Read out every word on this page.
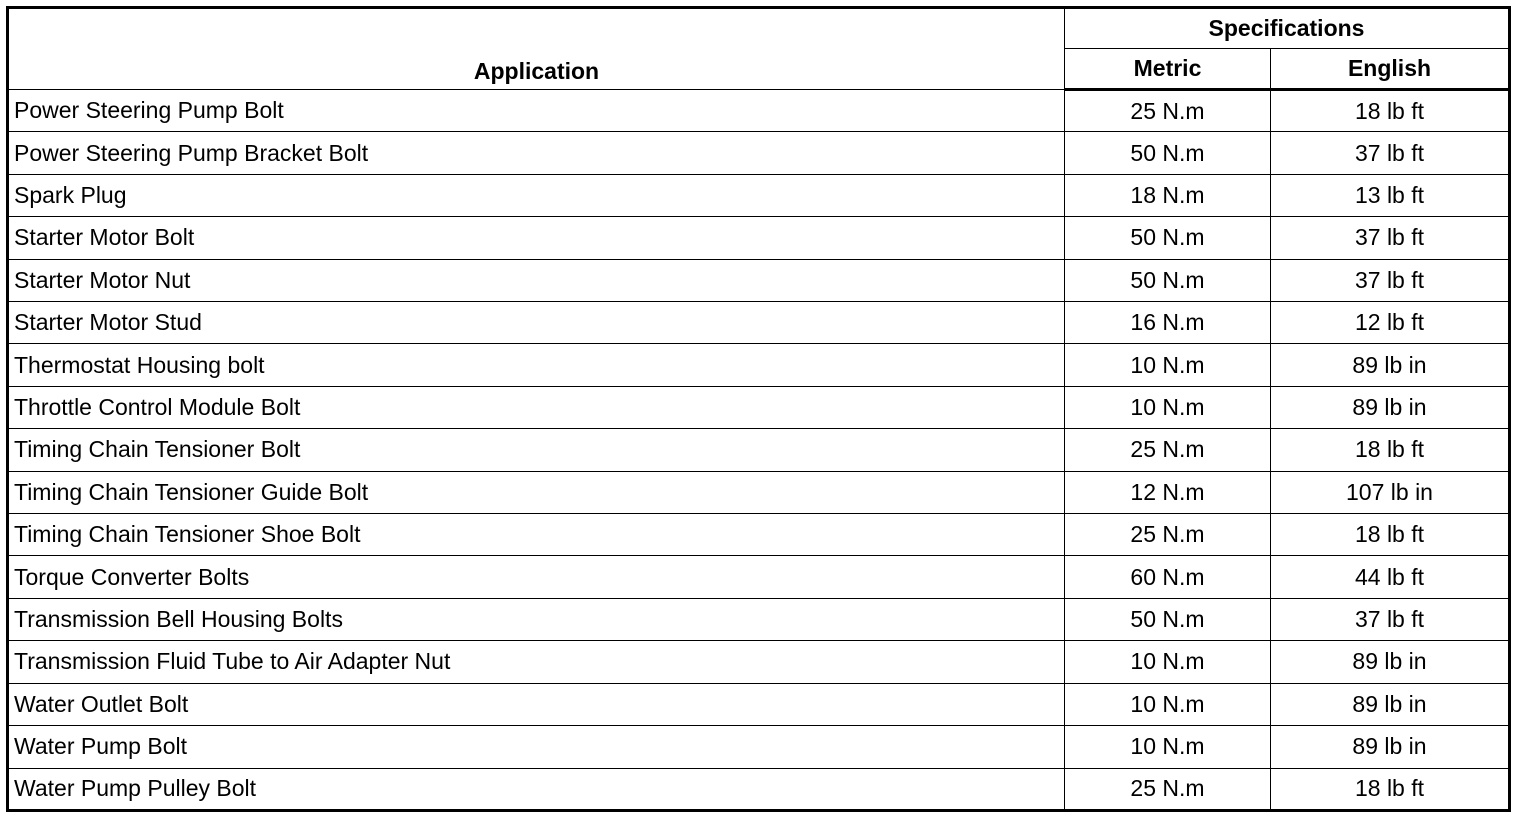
Application	Specifications	
	Metric	English
Power Steering Pump Bolt	25 N.m	18 lb ft
Power Steering Pump Bracket Bolt	50 N.m	37 lb ft
Spark Plug	18 N.m	13 lb ft
Starter Motor Bolt	50 N.m	37 lb ft
Starter Motor Nut	50 N.m	37 lb ft
Starter Motor Stud	16 N.m	12 lb ft
Thermostat Housing bolt	10 N.m	89 lb in
Throttle Control Module Bolt	10 N.m	89 lb in
Timing Chain Tensioner Bolt	25 N.m	18 lb ft
Timing Chain Tensioner Guide Bolt	12 N.m	107 lb in
Timing Chain Tensioner Shoe Bolt	25 N.m	18 lb ft
Torque Converter Bolts	60 N.m	44 lb ft
Transmission Bell Housing Bolts	50 N.m	37 lb ft
Transmission Fluid Tube to Air Adapter Nut	10 N.m	89 lb in
Water Outlet Bolt	10 N.m	89 lb in
Water Pump Bolt	10 N.m	89 lb in
Water Pump Pulley Bolt	25 N.m	18 lb ft
